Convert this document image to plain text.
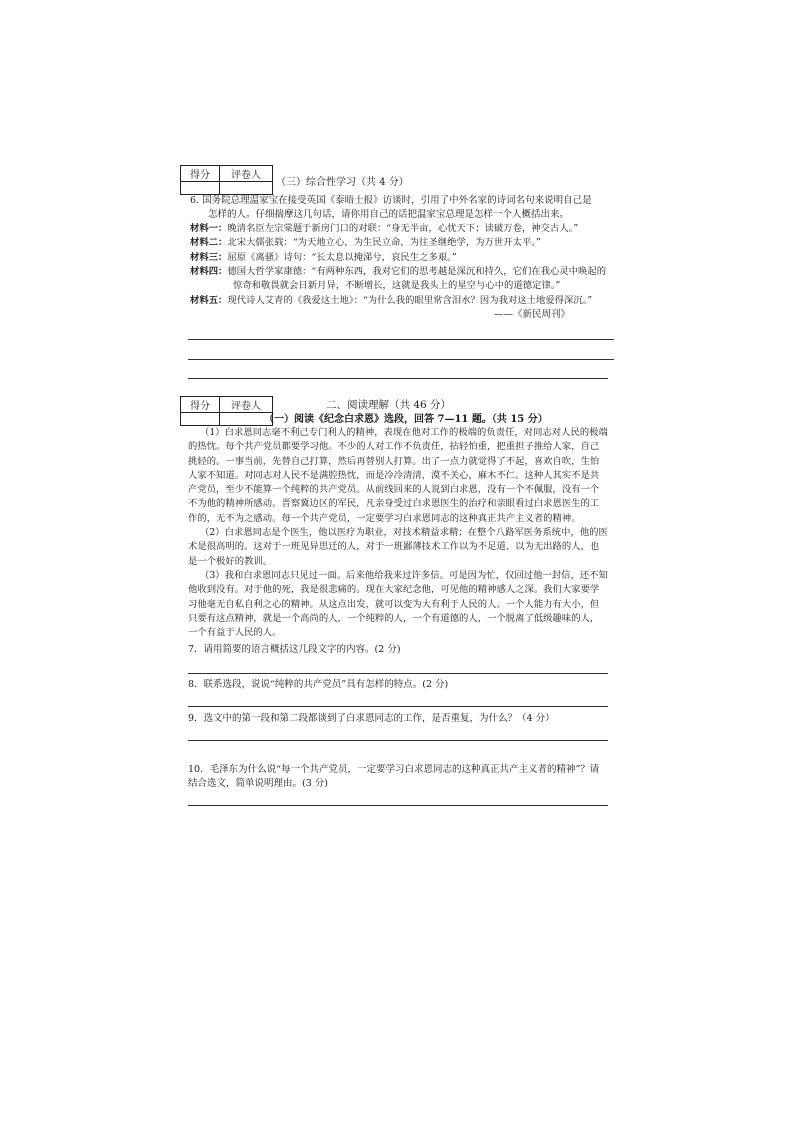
得分	评卷人

（三）综合性学习（共 4 分）
6. 国务院总理温家宝在接受英国《泰晤士报》访谈时，引用了中外名家的诗词名句来说明自己是
怎样的人。仔细揣摩这几句话，请你用自己的话把温家宝总理是怎样一个人概括出来。
材料一：晚清名臣左宗棠题于新房门口的对联：“身无半亩，心忧天下；读破万卷，神交古人。”
材料二：北宋大儒张载：“为天地立心，为生民立命，为往圣继绝学，为万世开太平。”
材料三：屈原《离骚》诗句：“长太息以掩涕兮，哀民生之多艰。”
材料四：德国大哲学家康德：“有两种东西，我对它们的思考越是深沉和持久，它们在我心灵中唤起的
惊奇和敬畏就会日新月异，不断增长，这就是我头上的星空与心中的道德定律。”
材料五：现代诗人艾青的《我爱这土地》：“为什么我的眼里常含泪水？因为我对这土地爱得深沉。”
——《新民周刊》
得分	评卷人
		二、阅读理解（共 46 分）
（一）阅读《纪念白求恩》选段，回答 7—11 题。（共 15 分）
（1）白求恩同志毫不利己专门利人的精神，表现在他对工作的极端的负责任，对同志对人民的极端
的热忱。每个共产党员都要学习他。不少的人对工作不负责任，拈轻怕重，把重担子推给人家，自己
挑轻的。一事当前，先替自己打算，然后再替别人打算。出了一点力就觉得了不起，喜欢自吹，生怕
人家不知道。对同志对人民不是满腔热忱，而是冷冷清清，漠不关心，麻木不仁。这种人其实不是共
产党员，至少不能算一个纯粹的共产党员。从前线回来的人说到白求恩，没有一个不佩服，没有一个
不为他的精神所感动。晋察冀边区的军民，凡亲身受过白求恩医生的治疗和亲眼看过白求恩医生的工
作的，无不为之感动。每一个共产党员，一定要学习白求恩同志的这种真正共产主义者的精神。
（2）白求恩同志是个医生，他以医疗为职业，对技术精益求精；在整个八路军医务系统中，他的医
术是很高明的。这对于一班见异思迁的人，对于一班鄙薄技术工作以为不足道、以为无出路的人，也
是一个极好的教训。
（3）我和白求恩同志只见过一面。后来他给我来过许多信。可是因为忙，仅回过他一封信，还不知
他收到没有。对于他的死，我是很悲痛的。现在大家纪念他，可见他的精神感人之深。我们大家要学
习他毫无自私自利之心的精神。从这点出发，就可以变为大有利于人民的人。一个人能力有大小，但
只要有这点精神，就是一个高尚的人，一个纯粹的人，一个有道德的人，一个脱离了低级趣味的人，
一个有益于人民的人。
7．请用简要的语言概括这几段文字的内容。(2 分)
8．联系选段，说说“纯粹的共产党员”具有怎样的特点。(2 分)
9．选文中的第一段和第二段都谈到了白求恩同志的工作，是否重复，为什么？（4 分）
10．毛泽东为什么说“每一个共产党员，一定要学习白求恩同志的这种真正共产主义者的精神”？请
结合选文，简单说明理由。(3 分)
